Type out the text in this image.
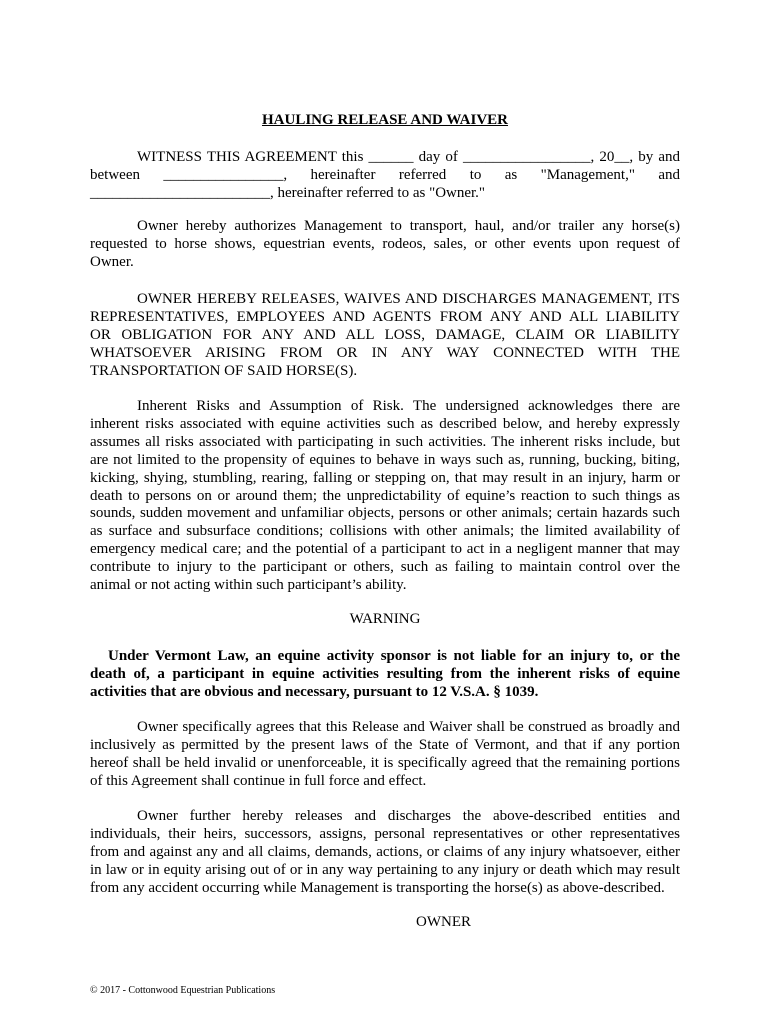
HAULING RELEASE AND WAIVER
WITNESS THIS AGREEMENT this ______ day of _________________, 20__, by and
between ________________, hereinafter referred to as "Management," and
________________________, hereinafter referred to as "Owner."
Owner hereby authorizes Management to transport, haul, and/or trailer any horse(s)
requested to horse shows, equestrian events, rodeos, sales, or other events upon request of
Owner.
OWNER HEREBY RELEASES, WAIVES AND DISCHARGES MANAGEMENT, ITS
REPRESENTATIVES, EMPLOYEES AND AGENTS FROM ANY AND ALL LIABILITY
OR OBLIGATION FOR ANY AND ALL LOSS, DAMAGE, CLAIM OR LIABILITY
WHATSOEVER ARISING FROM OR IN ANY WAY CONNECTED WITH THE
TRANSPORTATION OF SAID HORSE(S).
Inherent Risks and Assumption of Risk. The undersigned acknowledges there are
inherent risks associated with equine activities such as described below, and hereby expressly
assumes all risks associated with participating in such activities. The inherent risks include, but
are not limited to the propensity of equines to behave in ways such as, running, bucking, biting,
kicking, shying, stumbling, rearing, falling or stepping on, that may result in an injury, harm or
death to persons on or around them; the unpredictability of equine’s reaction to such things as
sounds, sudden movement and unfamiliar objects, persons or other animals; certain hazards such
as surface and subsurface conditions; collisions with other animals; the limited availability of
emergency medical care; and the potential of a participant to act in a negligent manner that may
contribute to injury to the participant or others, such as failing to maintain control over the
animal or not acting within such participant’s ability.
Under Vermont Law, an equine activity sponsor is not liable for an injury to, or the
death of, a participant in equine activities resulting from the inherent risks of equine
activities that are obvious and necessary, pursuant to 12 V.S.A. § 1039.
Owner specifically agrees that this Release and Waiver shall be construed as broadly and
inclusively as permitted by the present laws of the State of Vermont, and that if any portion
hereof shall be held invalid or unenforceable, it is specifically agreed that the remaining portions
of this Agreement shall continue in full force and effect.
Owner further hereby releases and discharges the above-described entities and
individuals, their heirs, successors, assigns, personal representatives or other representatives
from and against any and all claims, demands, actions, or claims of any injury whatsoever, either
in law or in equity arising out of or in any way pertaining to any injury or death which may result
from any accident occurring while Management is transporting the horse(s) as above-described.
WARNING
OWNER
© 2017 - Cottonwood Equestrian Publications
